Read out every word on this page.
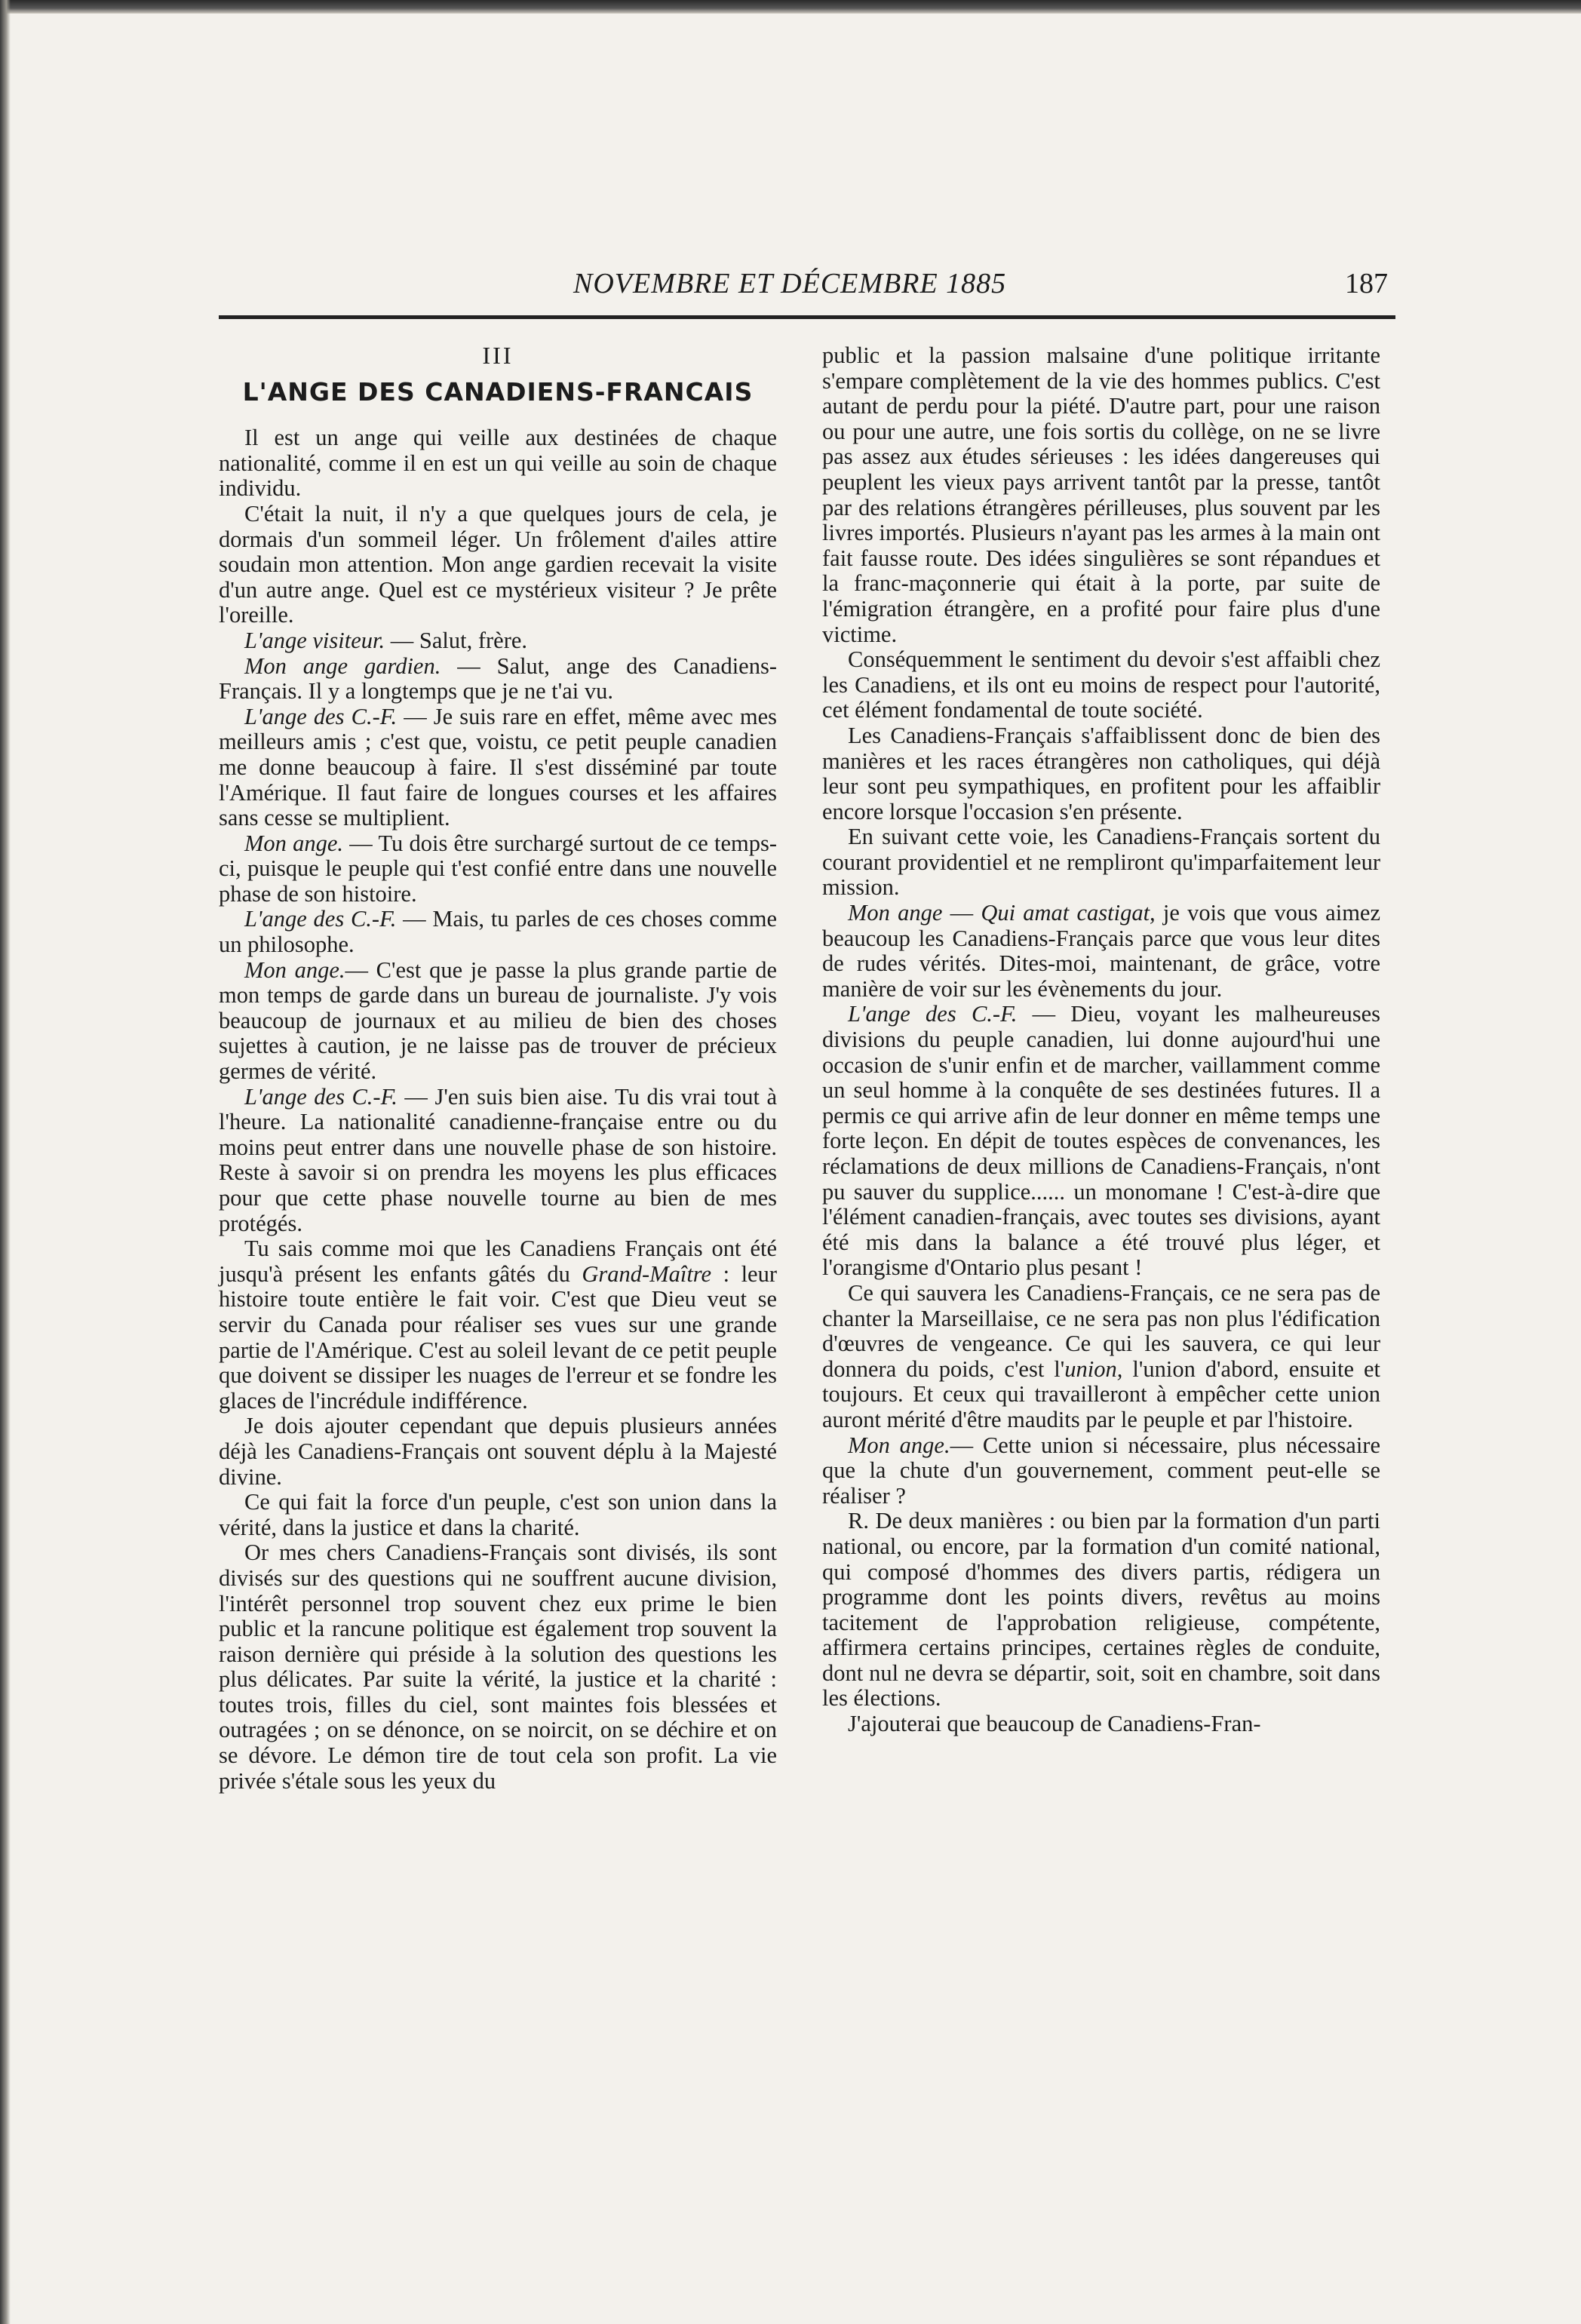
NOVEMBRE ET DÉCEMBRE 1885	187
III
L'ANGE DES CANADIENS-FRANCAIS

Il est un ange qui veille aux destinées de chaque nationalité, comme il en est un qui veille au soin de chaque individu.

C'était la nuit, il n'y a que quelques jours de cela, je dormais d'un sommeil léger. Un frôlement d'ailes attire soudain mon attention. Mon ange gardien recevait la visite d'un autre ange. Quel est ce mystérieux visiteur ? Je prête l'oreille.

L'ange visiteur. — Salut, frère.

Mon ange gardien. — Salut, ange des Canadiens-Français. Il y a longtemps que je ne t'ai vu.

L'ange des C.-F. — Je suis rare en effet, même avec mes meilleurs amis ; c'est que, voistu, ce petit peuple canadien me donne beaucoup à faire. Il s'est disséminé par toute l'Amérique. Il faut faire de longues courses et les affaires sans cesse se multiplient.

Mon ange. — Tu dois être surchargé surtout de ce temps-ci, puisque le peuple qui t'est confié entre dans une nouvelle phase de son histoire.

L'ange des C.-F. — Mais, tu parles de ces choses comme un philosophe.

Mon ange.— C'est que je passe la plus grande partie de mon temps de garde dans un bureau de journaliste. J'y vois beaucoup de journaux et au milieu de bien des choses sujettes à caution, je ne laisse pas de trouver de précieux germes de vérité.

L'ange des C.-F. — J'en suis bien aise. Tu dis vrai tout à l'heure. La nationalité canadienne-française entre ou du moins peut entrer dans une nouvelle phase de son histoire. Reste à savoir si on prendra les moyens les plus efficaces pour que cette phase nouvelle tourne au bien de mes protégés.

Tu sais comme moi que les Canadiens Français ont été jusqu'à présent les enfants gâtés du Grand-Maître : leur histoire toute entière le fait voir. C'est que Dieu veut se servir du Canada pour réaliser ses vues sur une grande partie de l'Amérique. C'est au soleil levant de ce petit peuple que doivent se dissiper les nuages de l'erreur et se fondre les glaces de l'incrédule indifférence.

Je dois ajouter cependant que depuis plusieurs années déjà les Canadiens-Français ont souvent déplu à la Majesté divine.

Ce qui fait la force d'un peuple, c'est son union dans la vérité, dans la justice et dans la charité.

Or mes chers Canadiens-Français sont divisés, ils sont divisés sur des questions qui ne souffrent aucune division, l'intérêt personnel trop souvent chez eux prime le bien public et la rancune politique est également trop souvent la raison dernière qui préside à la solution des questions les plus délicates. Par suite la vérité, la justice et la charité : toutes trois, filles du ciel, sont maintes fois blessées et outragées ; on se dénonce, on se noircit, on se déchire et on se dévore. Le démon tire de tout cela son profit. La vie privée s'étale sous les yeux du

public et la passion malsaine d'une politique irritante s'empare complètement de la vie des hommes publics. C'est autant de perdu pour la piété. D'autre part, pour une raison ou pour une autre, une fois sortis du collège, on ne se livre pas assez aux études sérieuses : les idées dangereuses qui peuplent les vieux pays arrivent tantôt par la presse, tantôt par des relations étrangères périlleuses, plus souvent par les livres importés. Plusieurs n'ayant pas les armes à la main ont fait fausse route. Des idées singulières se sont répandues et la franc-maçonnerie qui était à la porte, par suite de l'émigration étrangère, en a profité pour faire plus d'une victime.

Conséquemment le sentiment du devoir s'est affaibli chez les Canadiens, et ils ont eu moins de respect pour l'autorité, cet élément fondamental de toute société.

Les Canadiens-Français s'affaiblissent donc de bien des manières et les races étrangères non catholiques, qui déjà leur sont peu sympathiques, en profitent pour les affaiblir encore lorsque l'occasion s'en présente.

En suivant cette voie, les Canadiens-Français sortent du courant providentiel et ne rempliront qu'imparfaitement leur mission.

Mon ange — Qui amat castigat, je vois que vous aimez beaucoup les Canadiens-Français parce que vous leur dites de rudes vérités. Dites-moi, maintenant, de grâce, votre manière de voir sur les évènements du jour.

L'ange des C.-F. — Dieu, voyant les malheureuses divisions du peuple canadien, lui donne aujourd'hui une occasion de s'unir enfin et de marcher, vaillamment comme un seul homme à la conquête de ses destinées futures. Il a permis ce qui arrive afin de leur donner en même temps une forte leçon. En dépit de toutes espèces de convenances, les réclamations de deux millions de Canadiens-Français, n'ont pu sauver du supplice...... un monomane ! C'est-à-dire que l'élément canadien-français, avec toutes ses divisions, ayant été mis dans la balance a été trouvé plus léger, et l'orangisme d'Ontario plus pesant !

Ce qui sauvera les Canadiens-Français, ce ne sera pas de chanter la Marseillaise, ce ne sera pas non plus l'édification d'œuvres de vengeance. Ce qui les sauvera, ce qui leur donnera du poids, c'est l'union, l'union d'abord, ensuite et toujours. Et ceux qui travailleront à empêcher cette union auront mérité d'être maudits par le peuple et par l'histoire.

Mon ange.— Cette union si nécessaire, plus nécessaire que la chute d'un gouvernement, comment peut-elle se réaliser ?

R. De deux manières : ou bien par la formation d'un parti national, ou encore, par la formation d'un comité national, qui composé d'hommes des divers partis, rédigera un programme dont les points divers, revêtus au moins tacitement de l'approbation religieuse, compétente, affirmera certains principes, certaines règles de conduite, dont nul ne devra se départir, soit, soit en chambre, soit dans les élections.

J'ajouterai que beaucoup de Canadiens-Fran-
